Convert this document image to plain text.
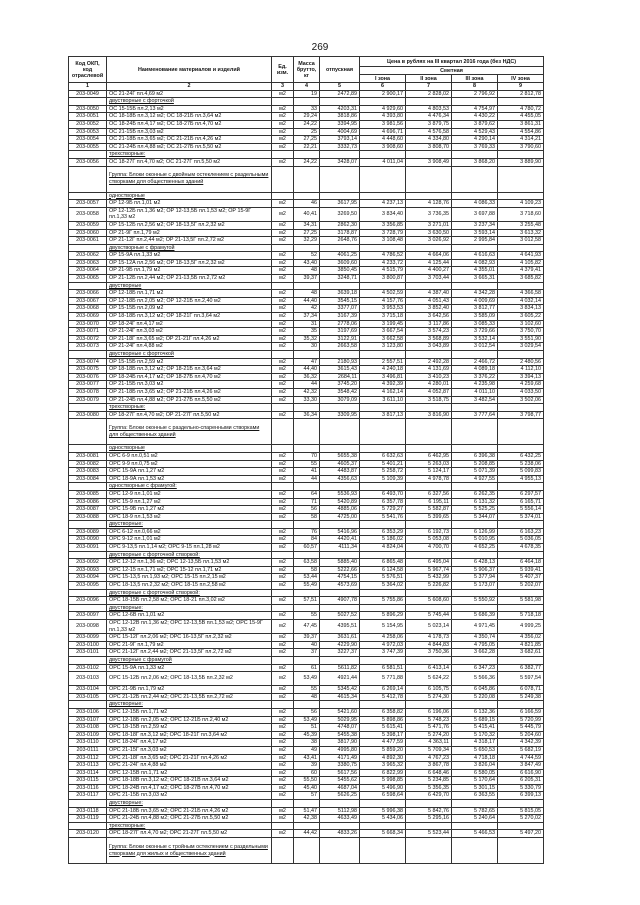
269
Код ОКП, код отраслевой	Наименование материалов и изделий	Ед. изм.	Масса брутто, кг	отпускная	Цена в рублях на III квартал 2016 года (без НДС)			
					Сметная			
					I зона	II зона	III зона	IV зона
1	2	3	4	5	6	7	8	9
203-0049	ОС 21-24Г пл.4,69 м2	м2	19	2472,89	2 900,17	2 828,02	2 796,92	2 812,78
	двустворные с форточкой							
203-0050	ОС 15-15Б пл.2,13 м2	м2	33	4203,31	4 929,60	4 803,53	4 754,97	4 780,72
203-0051	ОС 18-18Б пл.3,12 м2; ОС 18-21Б пл.3,64 м2	м2	29,24	3818,86	4 393,80	4 476,34	4 430,22	4 455,05
203-0052	ОС 18-24Б пл.4,17 м2; ОС 18-27Б пл.4,70 м2	м2	24,22	3394,95	3 981,56	3 879,75	3 879,62	3 861,31
203-0053	ОС 21-15Б пл.3,03 м2	м2	25	4004,69	4 696,71	4 576,58	4 529,43	4 554,86
203-0054	ОС 21-18Б пл.3,65 м2; ОС 21-21Б пл.4,26 м2	м2	27,25	3793,14	4 448,60	4 334,80	4 290,14	4 314,21
203-0055	ОС 21-24Б пл.4,88 м2; ОС 21-27Б пл.5,50 м2	м2	22,21	3332,73	3 908,60	3 808,70	3 769,33	3 790,60
	трехстворные:							
203-0056	ОС 18-27Г пл.4,70 м2; ОС 21-27Г пл.5,50 м2	м2	24,22	3428,07	4 011,04	3 908,49	3 868,20	3 889,90
	Группа: Блоки оконные с двойным остеклением с раздельными створками для общественных зданий							
	одностворные							
203-0057	ОР 12-9Б пл.1,01 м2	м2	46	3617,95	4 237,13	4 128,76	4 086,33	4 109,23
203-0058	ОР 12-12Б пл.1,36 м2; ОР 12-13,5Б пл.1,53 м2; ОР 15-9Г пл.1,33 м2	м2	40,41	3269,50	3 834,40	3 736,35	3 697,88	3 718,60
203-0059	ОР 15-12Б пл.2,56 м2; ОР 18-13,5Г пл.2,32 м2	м2	34,31	2862,30	3 356,85	3 271,01	3 237,34	3 255,48
203-0060	ОР 21-9Г пл.1,79 м2	м2	27,25	3178,87	3 728,79	3 630,50	3 593,14	3 613,32
203-0061	ОР 21-12Г пл.2,44 м2; ОР 21-13,5Г пл.2,72 м2	м2	32,29	2648,76	3 108,48	3 026,92	2 995,84	3 012,58
	двухстворные с фрамугой							
203-0062	ОР 15-9А пл.1,33 м2	м2	52	4061,25	4 786,52	4 664,06	4 616,63	4 641,93
203-0063	ОР 15-12А пл.2,56 м2; ОР 18-13,5Г пл.2,32 м2	м2	43,40	3609,60	4 233,72	4 125,44	4 082,93	4 105,82
203-0064	ОР 21-9Б пл.1,79 м2	м2	48	3850,45	4 515,79	4 400,27	4 355,01	4 379,41
203-0065	ОР 21-12Б пл.2,44 м2; ОР 21-13,5Б пл.2,72 м2	м2	39,37	3248,71	3 800,87	3 703,44	3 665,31	3 685,82
	двустворные							
203-0066	ОР 12-18Б пл.1,71 м2	м2	48	3639,18	4 502,59	4 387,40	4 342,28	4 366,58
203-0067	ОР 12-18Б пл.2,05 м2; ОР 12-21Б пл.2,40 м2	м2	44,40	3545,15	4 157,76	4 051,43	4 009,69	4 032,14
203-0068	ОР 15-15Б пл.2,09 м2	м2	42	3377,07	3 953,53	3 852,40	3 812,77	3 834,13
203-0069	ОР 18-18Б пл.3,12 м2; ОР 18-21Г пл.3,64 м2	м2	37,34	3167,39	3 715,18	3 642,56	3 585,09	3 605,22
203-0070	ОР 18-24Г пл.4,17 м2	м2	31	2778,06	3 199,45	3 117,86	3 085,33	3 102,60
203-0071	ОР 21-24Г пл.3,03 м2	м2	35	3197,69	3 667,54	3 574,23	3 729,66	3 750,70
203-0072	ОР 21-18Г пл.3,65 м2; ОР 21-21Г пл.4,26 м2	м2	35,32	3122,91	3 662,58	3 568,89	3 532,14	3 551,90
203-0073	ОР 21-24Г пл.4,88 м2	м2	30	2663,58	3 123,80	3 043,89	3 012,54	3 029,54
	двустворные с форточкой							
203-0074	ОР 15-15Б пл.2,59 м2	м2	47	2180,93	2 557,51	2 492,28	2 466,72	2 480,56
203-0075	ОР 18-18Б пл.3,12 м2; ОР 18-21Б пл.3,64 м2	м2	44,40	3615,43	4 240,18	4 131,69	4 089,18	4 112,10
203-0076	ОР 18-24Б пл.4,17 м2; ОР 18-27Б пл.4,70 м2	м2	36,32	2684,11	3 496,81	3 410,23	3 376,22	3 394,13
203-0077	ОР 21-15Б пл.3,03 м2	м2	44	3745,20	4 392,39	4 280,01	4 235,98	4 259,68
203-0078	ОР 21-18Б пл.3,65 м2; ОР 21-21Б пл.4,26 м2	м2	42,32	3548,42	4 162,14	4 052,87	4 011,10	4 033,50
203-0079	ОР 21-24Б пл.4,88 м2; ОР 21-27Б пл.5,50 м2	м2	33,30	3079,09	3 611,10	3 518,75	3 482,54	3 502,06
	трехстворные:							
203-0080	ОР 18-27Г пл.4,70 м2; ОР 21-27Г пл.5,50 м2	м2	36,34	3309,95	3 817,13	3 816,90	3 777,64	3 798,77
	Группа: Блоки оконные с раздельно-спаренными створками для общественных зданий							
	одностворные							
203-0081	ОРС 6-9 пл.0,51 м2	м2	70	5655,38	6 632,63	6 462,95	6 396,38	6 432,25
203-0082	ОРС 9-9 пл.0,75 м2	м2	55	4605,37	5 401,21	5 263,03	5 208,85	5 238,06
203-0083	ОРС 15-9А пл.1,27 м2	м2	41	4483,87	5 258,72	5 124,17	5 071,39	5 099,83
203-0084	ОРС 18-9А пл.1,53 м2	м2	44	4356,63	5 109,39	4 978,78	4 927,55	4 955,13
	одностворные с фрамугой:							
203-0085	ОРС 12-9 пл.1,01 м2	м2	64	5536,93	6 493,70	6 327,56	6 262,35	6 297,57
203-0086	ОРС 15-9 пл.1,27 м2	м2	71	5420,89	6 357,78	6 195,11	6 131,32	6 165,71
203-0087	ОРС 15-9Б пл.1,27 м2	м2	56	4885,06	5 729,27	5 582,87	5 525,25	5 556,14
203-0088	ОРС 18-9 пл.1,53 м2	м2	58	4725,00	5 541,76	5 399,65	5 344,07	5 374,01
	двустворные:							
203-0089	ОРС 6-12 пл.0,66 м2	м2	76	5416,96	6 353,29	6 192,73	6 126,99	6 163,23
203-0090	ОРС 9-12 пл.1,01 м2	м2	84	4420,41	5 186,02	5 053,08	5 010,95	5 036,05
203-0091	ОРС 9-13,5 пл.1,14 м2; ОРС 9-15 пл.1,28 м2	м2	60,57	4111,34	4 824,04	4 700,70	4 652,25	4 678,35
	двустворные с форточной створкой:							
203-0092	ОРС 12-12 пл.1,36 м2; ОРС 12-13,5Б пл.1,53 м2	м2	63,58	5885,40	6 865,48	6 495,04	6 428,13	6 464,18
203-0093	ОРС 12-15 пл.1,71 м2; ОРС 15-12 пл.1,71 м2	м2	58	5222,66	6 124,58	5 967,74	5 906,37	5 939,41
203-0094	ОРС 15-13,5 пл.1,93 м2; ОРС 15-15 пл.2,15 м2	м2	53,44	4754,15	5 576,51	5 432,99	5 377,94	5 407,37
203-0095	ОРС 18-13,5 пл.2,32 м2; ОРС 18-15 пл.2,58 м2	м2	55,49	4573,69	5 364,02	5 226,82	5 173,07	5 202,07
	двустворные с форточной створкой:							
203-0096	ОРС 18-15Б пл.2,58 м2; ОРС 18-21 пл.3,02 м2	м2	57,51	4907,78	5 755,86	5 608,60	5 550,92	5 581,98
	двустворные:							
203-0097	ОРС 12-6В пл.1,01 м2	м2	55	5027,52	5 896,29	5 745,44	5 686,39	5 718,18
203-0098	ОРС 12-12В пл.1,36 м2; ОРС 12-13,5В пл.1,53 м2; ОРС 15-9Г пл.1,33 м2	м2	47,45	4395,51	5 154,95	5 023,14	4 971,45	4 999,25
203-0099	ОРС 15-12Г пл.2,06 м2; ОРС 16-13,5Г пл.2,32 м2	м2	39,37	3631,61	4 258,06	4 178,73	4 350,74	4 356,02
203-0100	ОРС 21-9Г пл.1,79 м2	м2	40	4229,90	4 972,03	4 844,83	4 795,05	4 821,85
203-0101	ОРС 21-12Г пл.2,44 м2; ОРС 21-13,5Г пл.2,72 м2	м2	37	3227,37	3 747,39	3 750,36	3 662,28	3 682,61
	двустворные с фрамугой							
203-0102	ОРС 15-9А пл.1,33 м2	м2	61	5611,82	6 581,51	6 413,14	6 347,23	6 382,77
203-0103	ОРС 15-12Б пл.2,06 м2; ОРС 18-13,5Б пл.2,32 м2	м2	53,49	4921,44	5 771,88	5 624,22	5 566,36	5 597,54
203-0104	ОРС 21-9Б пл.1,79 м2	м2	55	5345,42	6 269,14	6 105,75	6 045,86	6 078,71
203-0105	ОРС 21-12Б пл.2,44 м2; ОРС 21-13,5Б пл.2,72 м2	м2	48	4615,34	5 412,78	5 274,30	5 220,08	5 249,38
	двустворные:							
203-0106	ОРС 12-15Б пл.1,71 м2	м2	56	5421,60	6 358,82	6 196,06	6 132,36	6 166,59
203-0107	ОРС 12-18Б пл.2,05 м2; ОРС 12-21Б пл.2,40 м2	м2	53,49	5029,95	5 898,86	5 748,23	5 689,15	5 720,99
203-0108	ОРС 18-15В пл.2,59 м2	м2	51	4748,07	5 615,41	5 471,76	5 415,41	5 445,79
203-0109	ОРС 18-18Г пл.3,12 м2; ОРС 18-21Г пл.3,64 м2	м2	45,39	5455,38	5 398,17	5 274,20	5 170,32	5 204,60
203-0110	ОРС 18-24Г пл.4,17 м2	м2	38	3817,90	4 477,59	4 363,11	4 318,17	4 342,39
203-0111	ОРС 21-15Г пл.3,03 м2	м2	49	4995,80	5 859,20	5 709,34	5 650,53	5 682,19
203-0112	ОРС 21-18Г пл.3,65 м2; ОРС 21-21Г пл.4,26 м2	м2	43,41	4171,49	4 892,30	4 767,23	4 718,18	4 744,59
203-0113	ОРС 21-24Г пл.4,88 м2	м2	39	3380,75	3 965,32	3 867,78	3 826,04	3 847,49
203-0114	ОРС 12-15В пл.1,71 м2	м2	60	5617,56	6 822,99	6 648,46	6 580,05	6 616,90
203-0115	ОРС 18-18В пл.3,12 м2; ОРС 18-21В пл.3,64 м2	м2	55,50	5455,62	5 998,85	5 234,85	5 170,64	6 205,31
203-0116	ОРС 18-24В пл.4,17 м2; ОРС 18-27В пл.4,70 м2	м2	45,40	4687,04	5 496,90	5 356,35	5 301,15	5 330,79
203-0117	ОРС 21-15Б пл.3,03 м2	м2	57	5626,25	6 598,64	6 429,70	6 363,55	6 399,13
	двустворные:							
203-0118	ОРС 21-18Б пл.3,65 м2; ОРС 21-21Б пл.4,26 м2	м2	51,47	5112,98	5 996,38	5 842,76	5 782,65	5 815,05
203-0119	ОРС 21-24Б пл.4,88 м2; ОРС 21-27Б пл.5,50 м2	м2	42,38	4633,49	5 434,06	5 295,16	5 240,64	5 270,02
	трехстворные:							
203-0120	ОРС 18-27Г пл.4,70 м2; ОРС 21-27Г пл.5,50 м2	м2	44,42	4833,26	5 668,34	5 523,44	5 466,53	5 497,20
	Группа: Блоки оконные с тройным остеклением с раздельными створками для жилых и общественных зданий							
